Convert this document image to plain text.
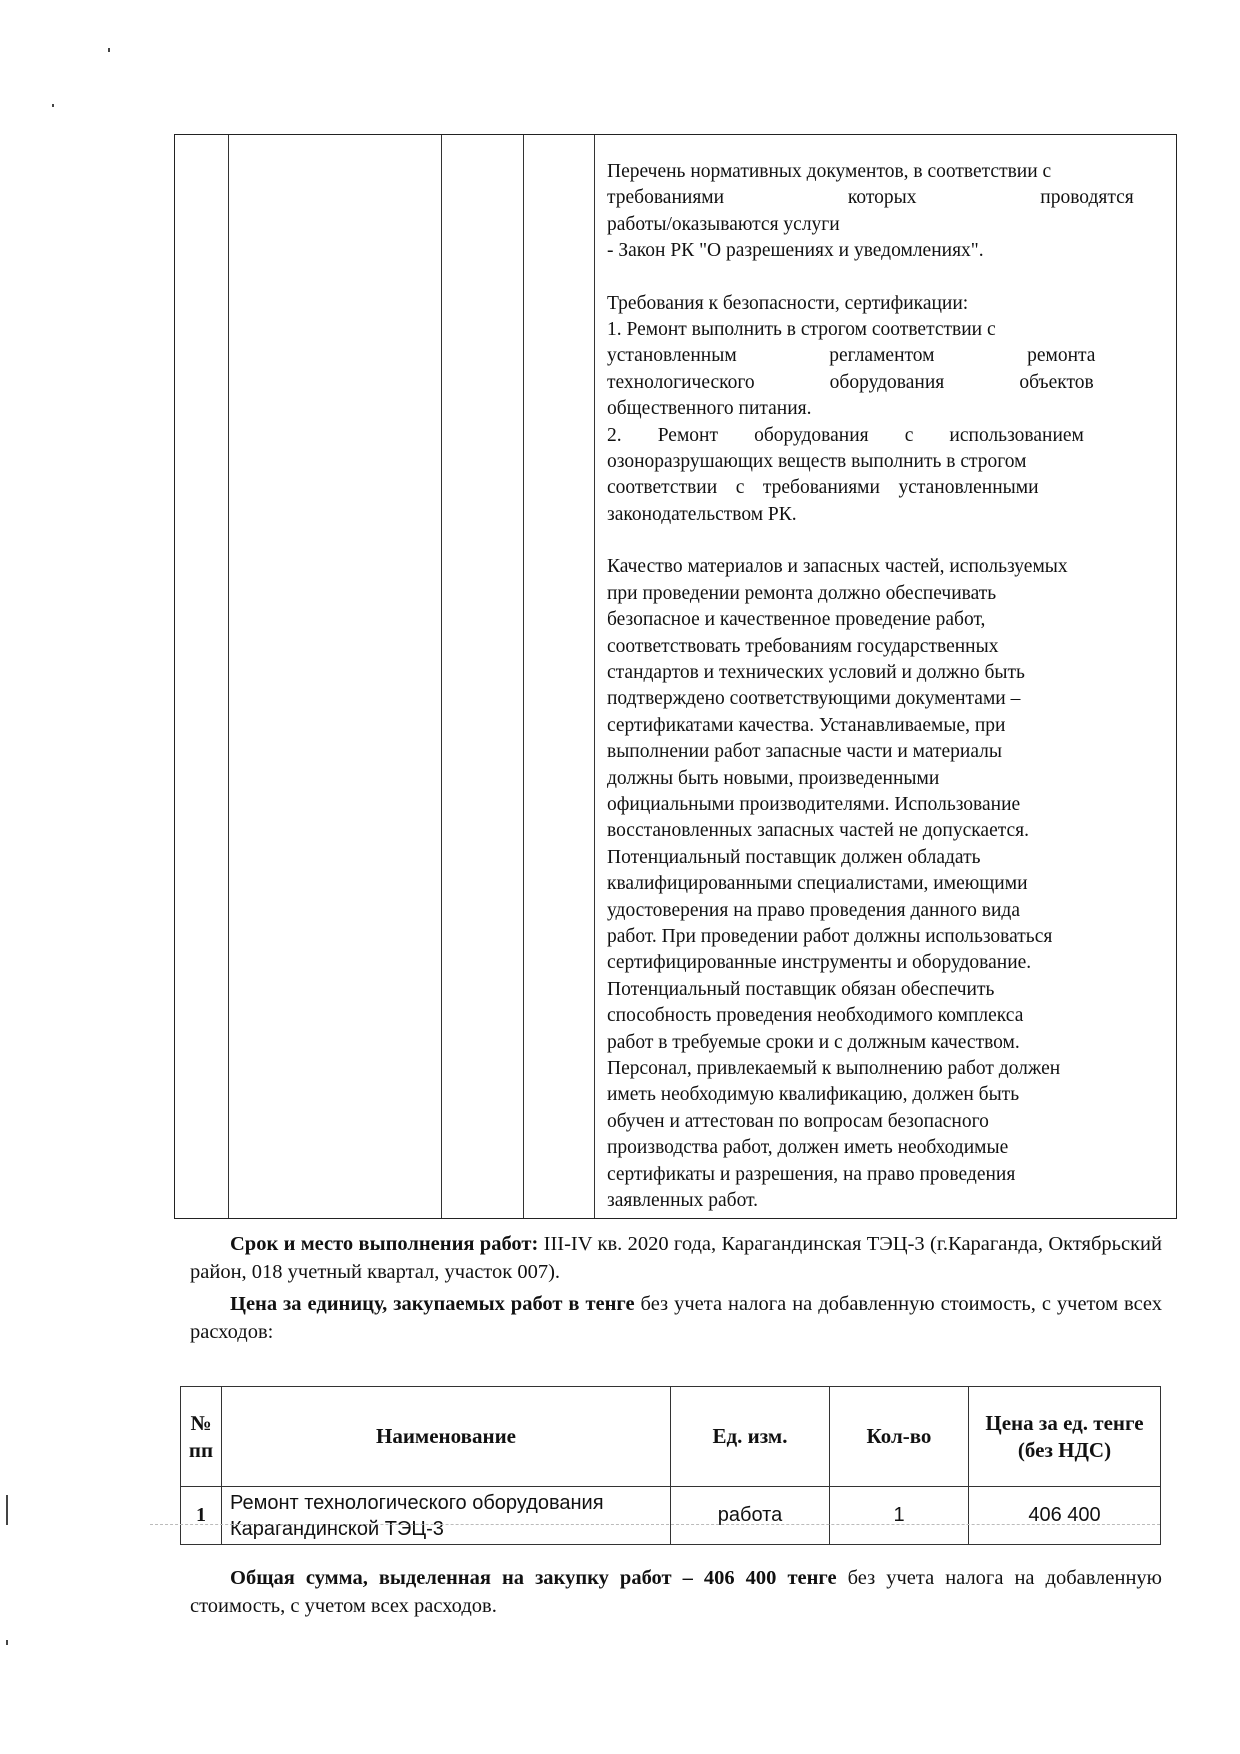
Перечень нормативных документов, в соответствии с

требованиями которых проводятся

работы/оказываются услуги

- Закон РК "О разрешениях и уведомлениях".

Требования к безопасности, сертификации:

1. Ремонт выполнить в строгом соответствии с

установленным регламентом ремонта

технологического оборудования объектов

общественного питания.

2. Ремонт оборудования с использованием

озоноразрушающих веществ выполнить в строгом

соответствии с требованиями установленными

законодательством РК.

Качество материалов и запасных частей, используемых

при проведении ремонта должно обеспечивать

безопасное и качественное проведение работ,

соответствовать требованиям государственных

стандартов и технических условий и должно быть

подтверждено соответствующими документами –

сертификатами качества. Устанавливаемые, при

выполнении работ запасные части и материалы

должны быть новыми, произведенными

официальными производителями. Использование

восстановленных запасных частей не допускается.

Потенциальный поставщик должен обладать

квалифицированными специалистами, имеющими

удостоверения на право проведения данного вида

работ. При проведении работ должны использоваться

сертифицированные инструменты и оборудование.

Потенциальный поставщик обязан обеспечить

способность проведения необходимого комплекса

работ в требуемые сроки и с должным качеством.

Персонал, привлекаемый к выполнению работ должен

иметь необходимую квалификацию, должен быть

обучен и аттестован по вопросам безопасного

производства работ, должен иметь необходимые

сертификаты и разрешения, на право проведения

заявленных работ.

Срок и место выполнения работ: III-IV кв. 2020 года, Карагандинская ТЭЦ-3 (г.Караганда, Октябрьский район, 018 учетный квартал, участок 007).
Цена за единицу, закупаемых работ в тенге без учета налога на добавленную стоимость, с учетом всех расходов:
№ пп	Наименование	Ед. изм.	Кол-во	Цена за ед. тенге (без НДС)
1	Ремонт технологического оборудования
Карагандинской ТЭЦ-3	работа	1	406 400
Общая сумма, выделенная на закупку работ – 406 400 тенге без учета налога на добавленную стоимость, с учетом всех расходов.
